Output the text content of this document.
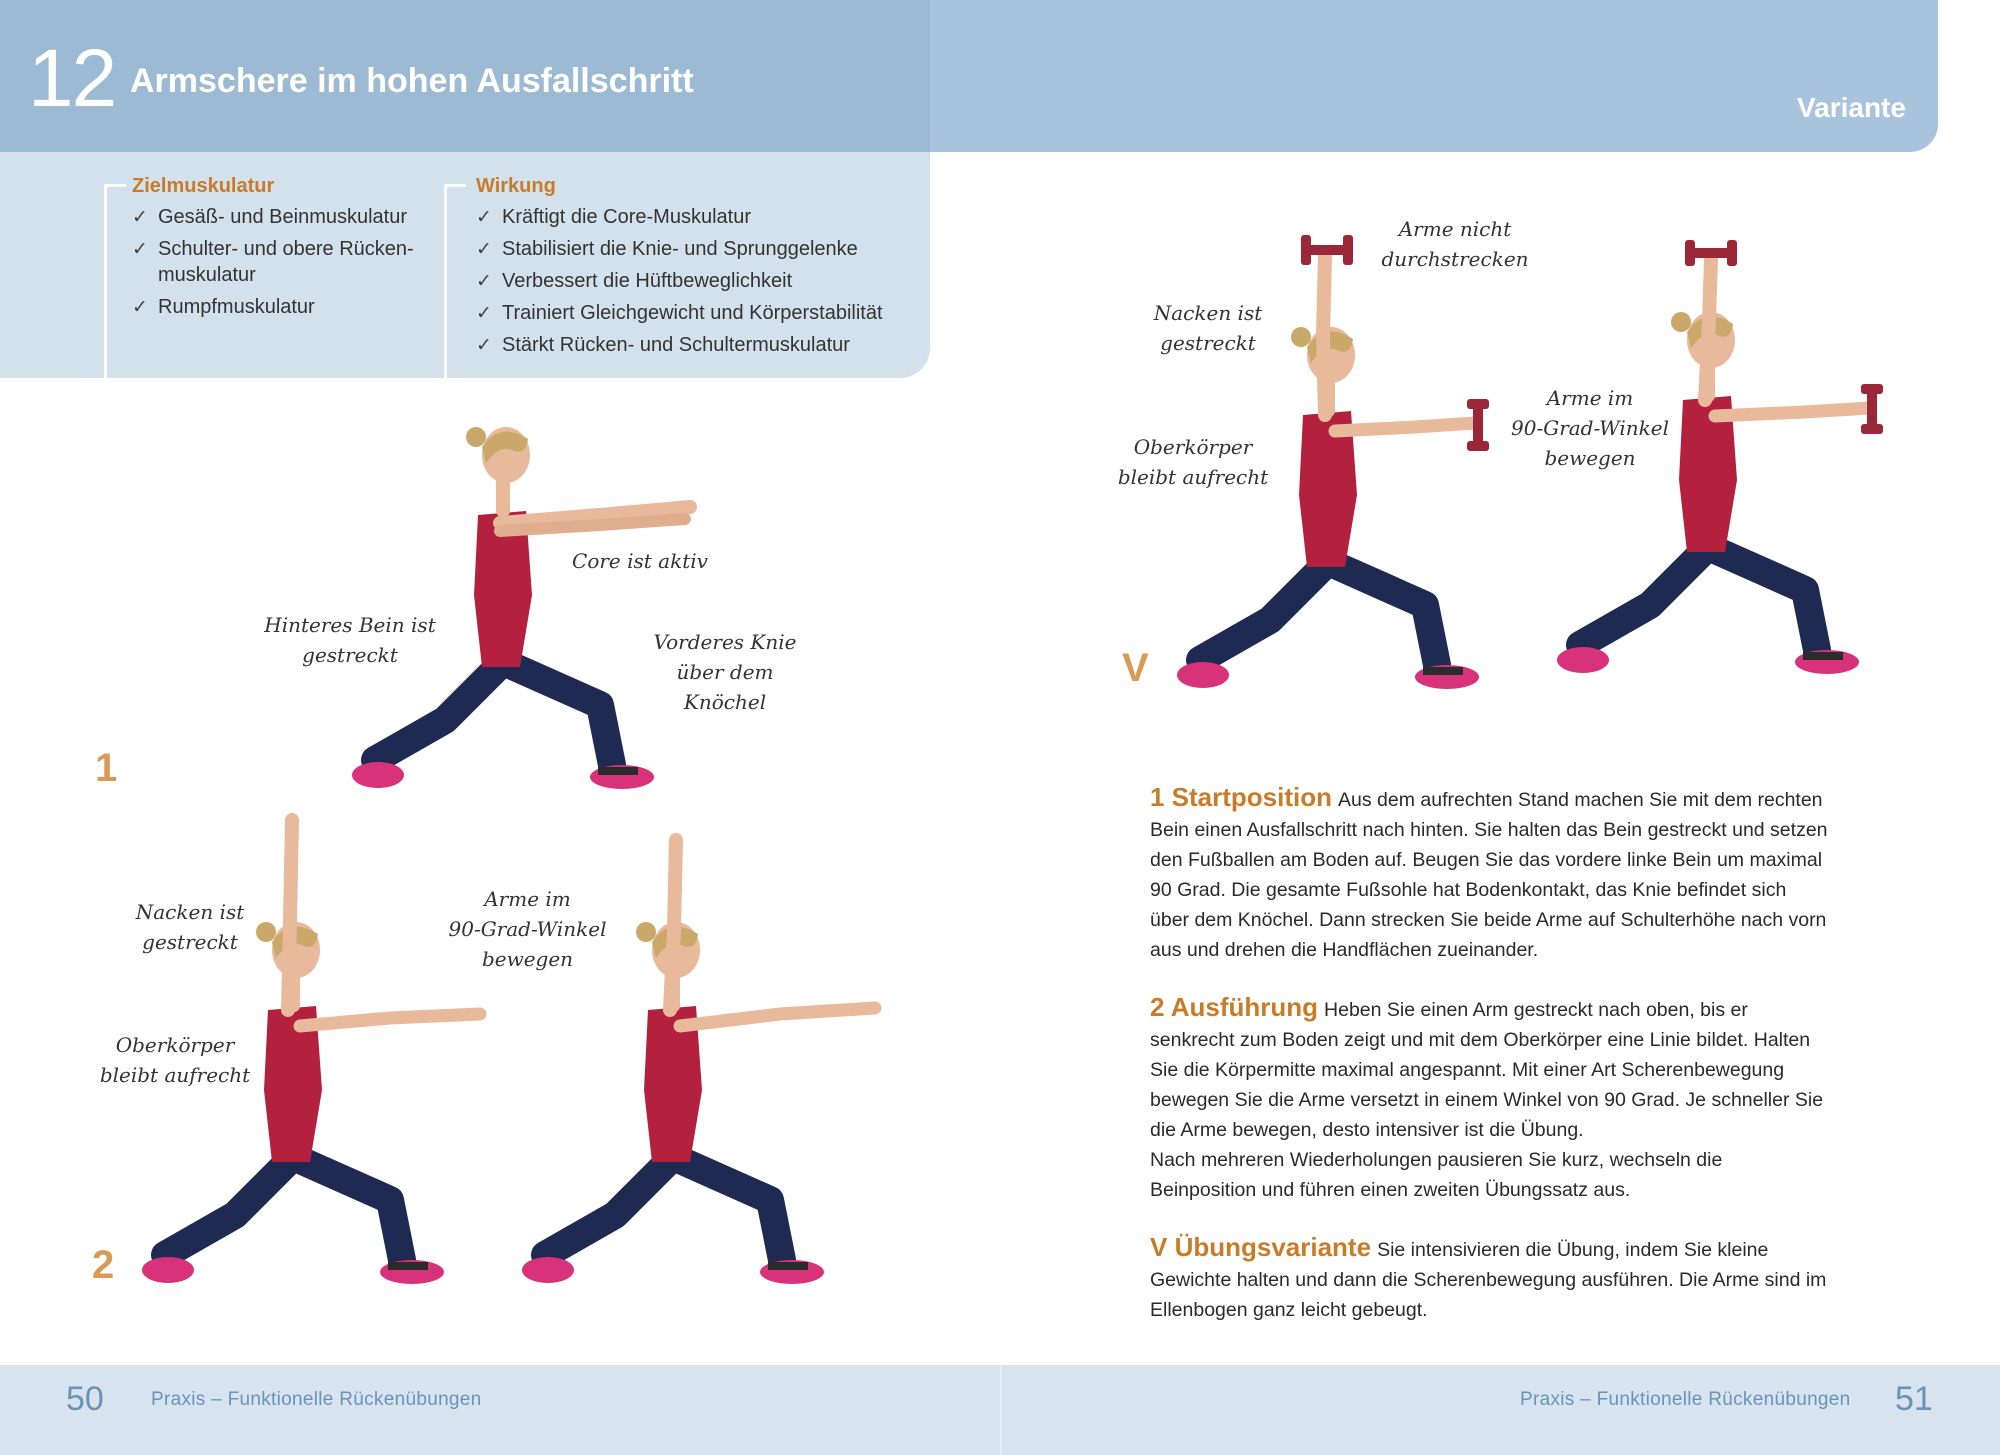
12 Armschere im hohen Ausfallschritt
Variante
Zielmuskulatur
✓ Gesäß- und Beinmuskulatur
✓ Schulter- und obere Rücken-
muskulatur
✓ Rumpfmuskulatur
Wirkung
✓ Kräftigt die Core-Muskulatur
✓ Stabilisiert die Knie- und Sprunggelenke
✓ Verbessert die Hüftbeweglichkeit
✓ Trainiert Gleichgewicht und Körperstabilität
✓ Stärkt Rücken- und Schultermuskulatur
1
2
V
Core ist aktiv
Hinteres Bein ist
gestreckt
Vorderes Knie
über dem
Knöchel
Nacken ist
gestreckt
Oberkörper
bleibt aufrecht
Arme im
90-Grad-Winkel
bewegen
Arme nicht
durchstrecken
Nacken ist
gestreckt
Oberkörper
bleibt aufrecht
Arme im
90-Grad-Winkel
bewegen

1 Startposition Aus dem aufrechten Stand machen Sie mit dem rechten Bein einen Ausfallschritt nach hinten. Sie halten das Bein gestreckt und setzen den Fußballen am Boden auf. Beugen Sie das vordere linke Bein um maximal 90 Grad. Die gesamte Fußsohle hat Bodenkontakt, das Knie befindet sich über dem Knöchel. Dann strecken Sie beide Arme auf Schulterhöhe nach vorn aus und drehen die Handflächen zueinander.

2 Ausführung Heben Sie einen Arm gestreckt nach oben, bis er senkrecht zum Boden zeigt und mit dem Oberkörper eine Linie bildet. Halten Sie die Körpermitte maximal angespannt. Mit einer Art Scherenbewegung bewegen Sie die Arme versetzt in einem Winkel von 90 Grad. Je schneller Sie die Arme bewegen, desto intensiver ist die Übung.

Nach mehreren Wiederholungen pausieren Sie kurz, wechseln die Beinposition und führen einen zweiten Übungssatz aus.

V Übungsvariante Sie intensivieren die Übung, indem Sie kleine Gewichte halten und dann die Scherenbewegung ausführen. Die Arme sind im Ellenbogen ganz leicht gebeugt.

50 Praxis – Funktionelle Rückenübungen	Praxis – Funktionelle Rückenübungen 51
